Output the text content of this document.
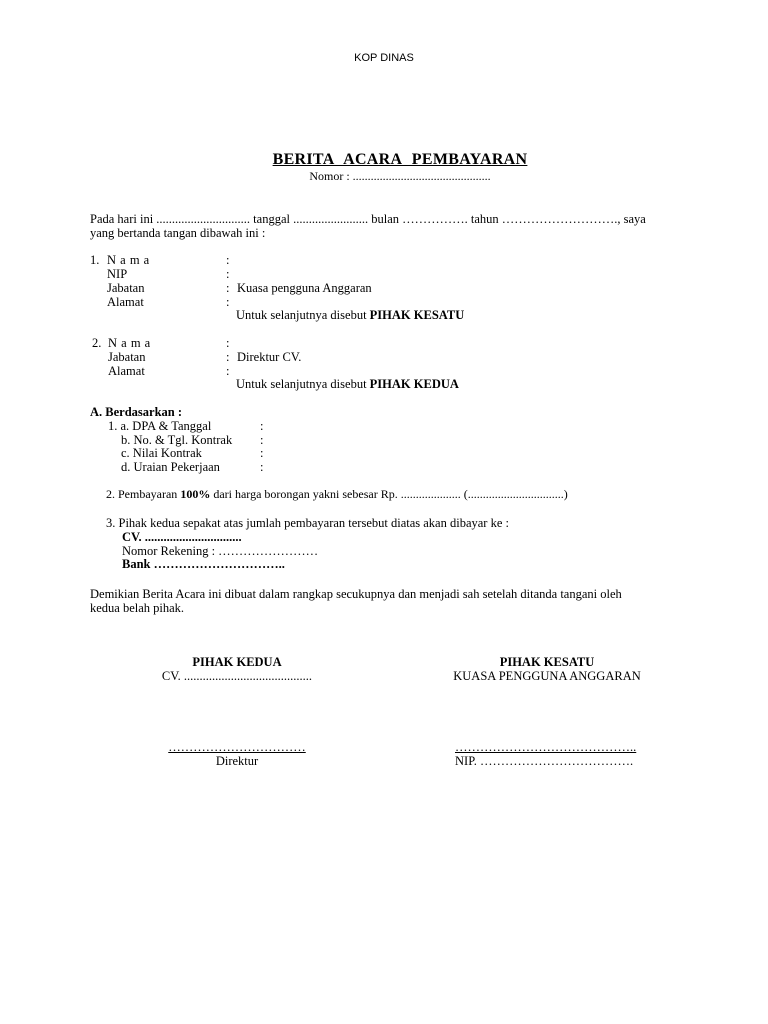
KOP DINAS
BERITA ACARA PEMBAYARAN
Nomor : ..............................................
Pada hari ini .............................. tanggal ........................ bulan ……………. tahun ………………………., saya
yang bertanda tangan dibawah ini :
1. N a m a	:
NIP	:
Jabatan	: Kuasa pengguna Anggaran
Alamat	:
Untuk selanjutnya disebut PIHAK KESATU
2. N a m a	:
Jabatan	: Direktur CV.
Alamat	:
Untuk selanjutnya disebut PIHAK KEDUA
A. Berdasarkan :
1. a. DPA & Tanggal	:
b. No. & Tgl. Kontrak :
c. Nilai Kontrak	:
d. Uraian Pekerjaan	:
2. Pembayaran 100% dari harga borongan yakni sebesar Rp. .................... (................................)
3. Pihak kedua sepakat atas jumlah pembayaran tersebut diatas akan dibayar ke :
CV. ...............................
Nomor Rekening : ……………………
Bank …………………………..
Demikian Berita Acara ini dibuat dalam rangkap secukupnya dan menjadi sah setelah ditanda tangani oleh
kedua belah pihak.
PIHAK KEDUA
CV. .........................................
……………………………
Direktur
PIHAK KESATU
KUASA PENGGUNA ANGGARAN
……………………………………..
NIP. ……………………………….
